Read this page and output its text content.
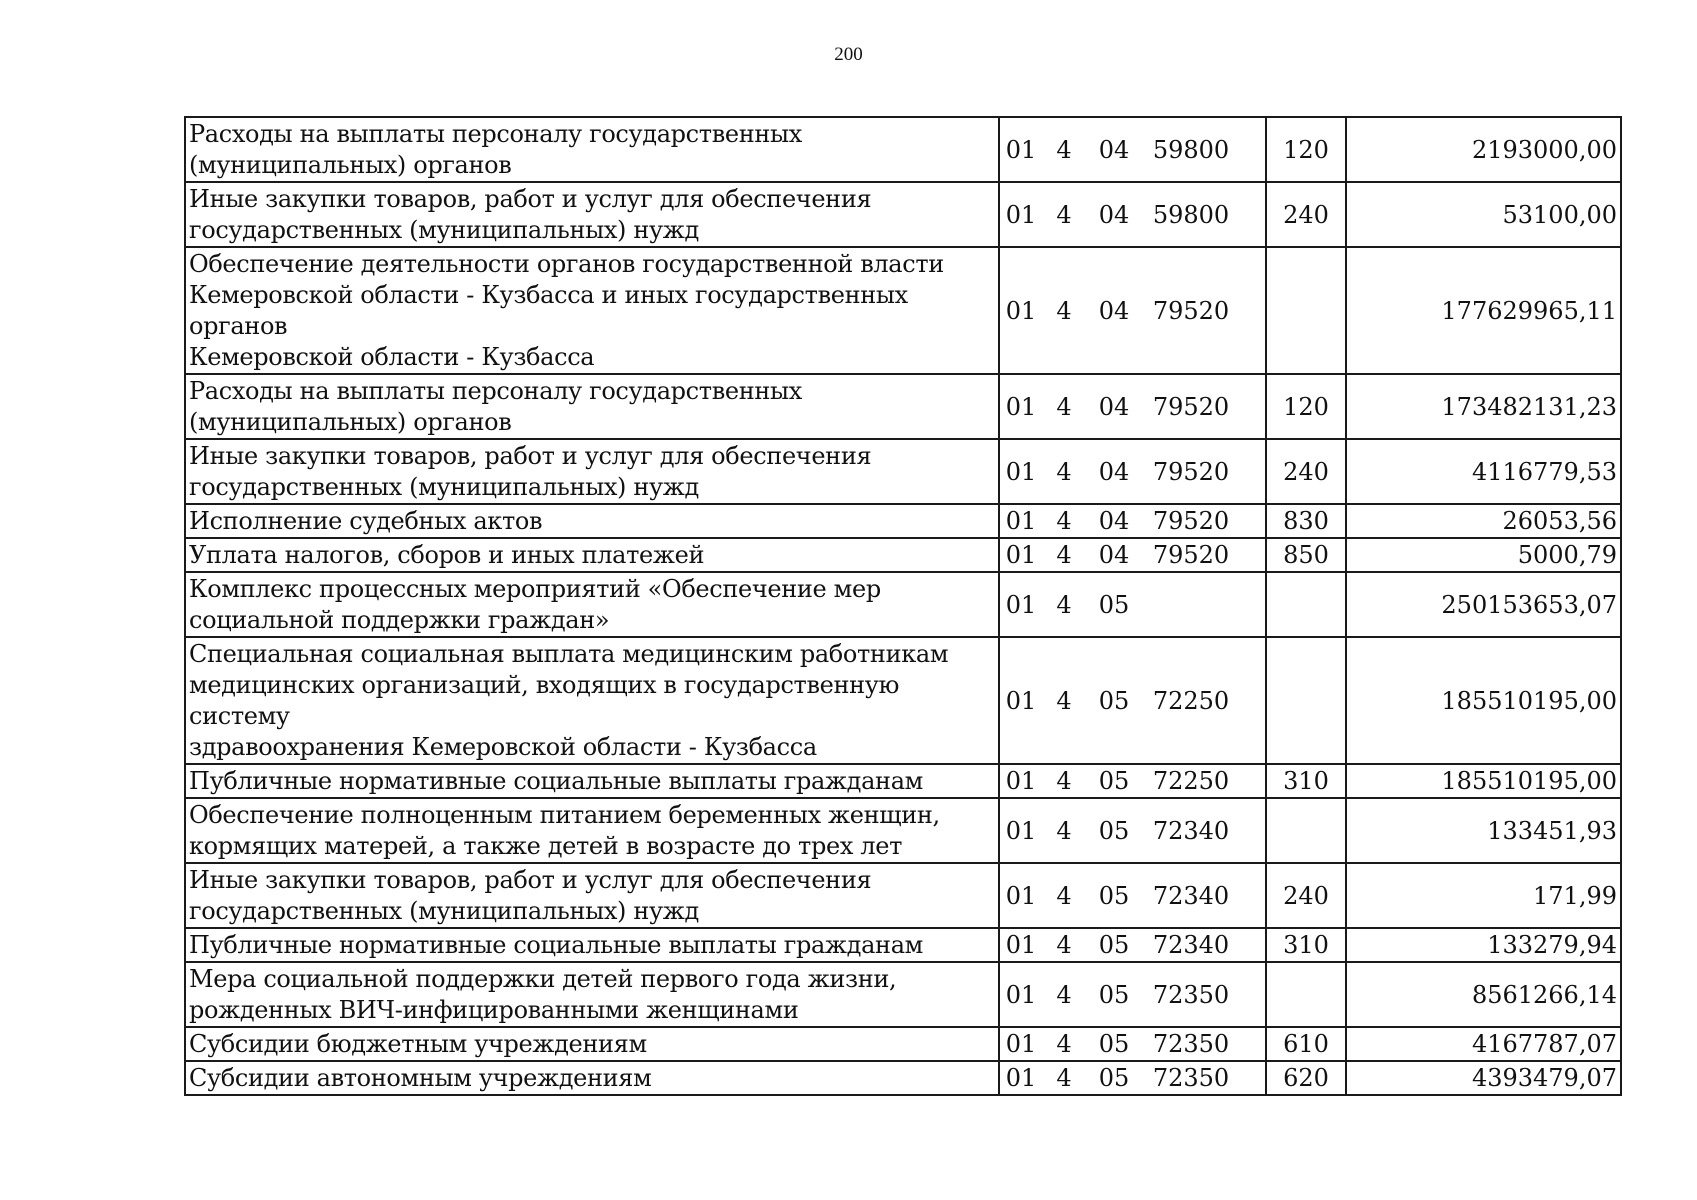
200
Расходы на выплаты персоналу государственных
(муниципальных) органов	01 4 04 59800	120	2193000,00
Иные закупки товаров, работ и услуг для обеспечения
государственных (муниципальных) нужд	01 4 04 59800	240	53100,00
Обеспечение деятельности органов государственной власти
Кемеровской области - Кузбасса и иных государственных органов
Кемеровской области - Кузбасса	01 4 04 79520		177629965,11
Расходы на выплаты персоналу государственных
(муниципальных) органов	01 4 04 79520	120	173482131,23
Иные закупки товаров, работ и услуг для обеспечения
государственных (муниципальных) нужд	01 4 04 79520	240	4116779,53
Исполнение судебных актов	01 4 04 79520	830	26053,56
Уплата налогов, сборов и иных платежей	01 4 04 79520	850	5000,79
Комплекс процессных мероприятий «Обеспечение мер
социальной поддержки граждан»	01 4 05		250153653,07
Специальная социальная выплата медицинским работникам
медицинских организаций, входящих в государственную систему
здравоохранения Кемеровской области - Кузбасса	01 4 05 72250		185510195,00
Публичные нормативные социальные выплаты гражданам	01 4 05 72250	310	185510195,00
Обеспечение полноценным питанием беременных женщин,
кормящих матерей, а также детей в возрасте до трех лет	01 4 05 72340		133451,93
Иные закупки товаров, работ и услуг для обеспечения
государственных (муниципальных) нужд	01 4 05 72340	240	171,99
Публичные нормативные социальные выплаты гражданам	01 4 05 72340	310	133279,94
Мера социальной поддержки детей первого года жизни,
рожденных ВИЧ-инфицированными женщинами	01 4 05 72350		8561266,14
Субсидии бюджетным учреждениям	01 4 05 72350	610	4167787,07
Субсидии автономным учреждениям	01 4 05 72350	620	4393479,07
